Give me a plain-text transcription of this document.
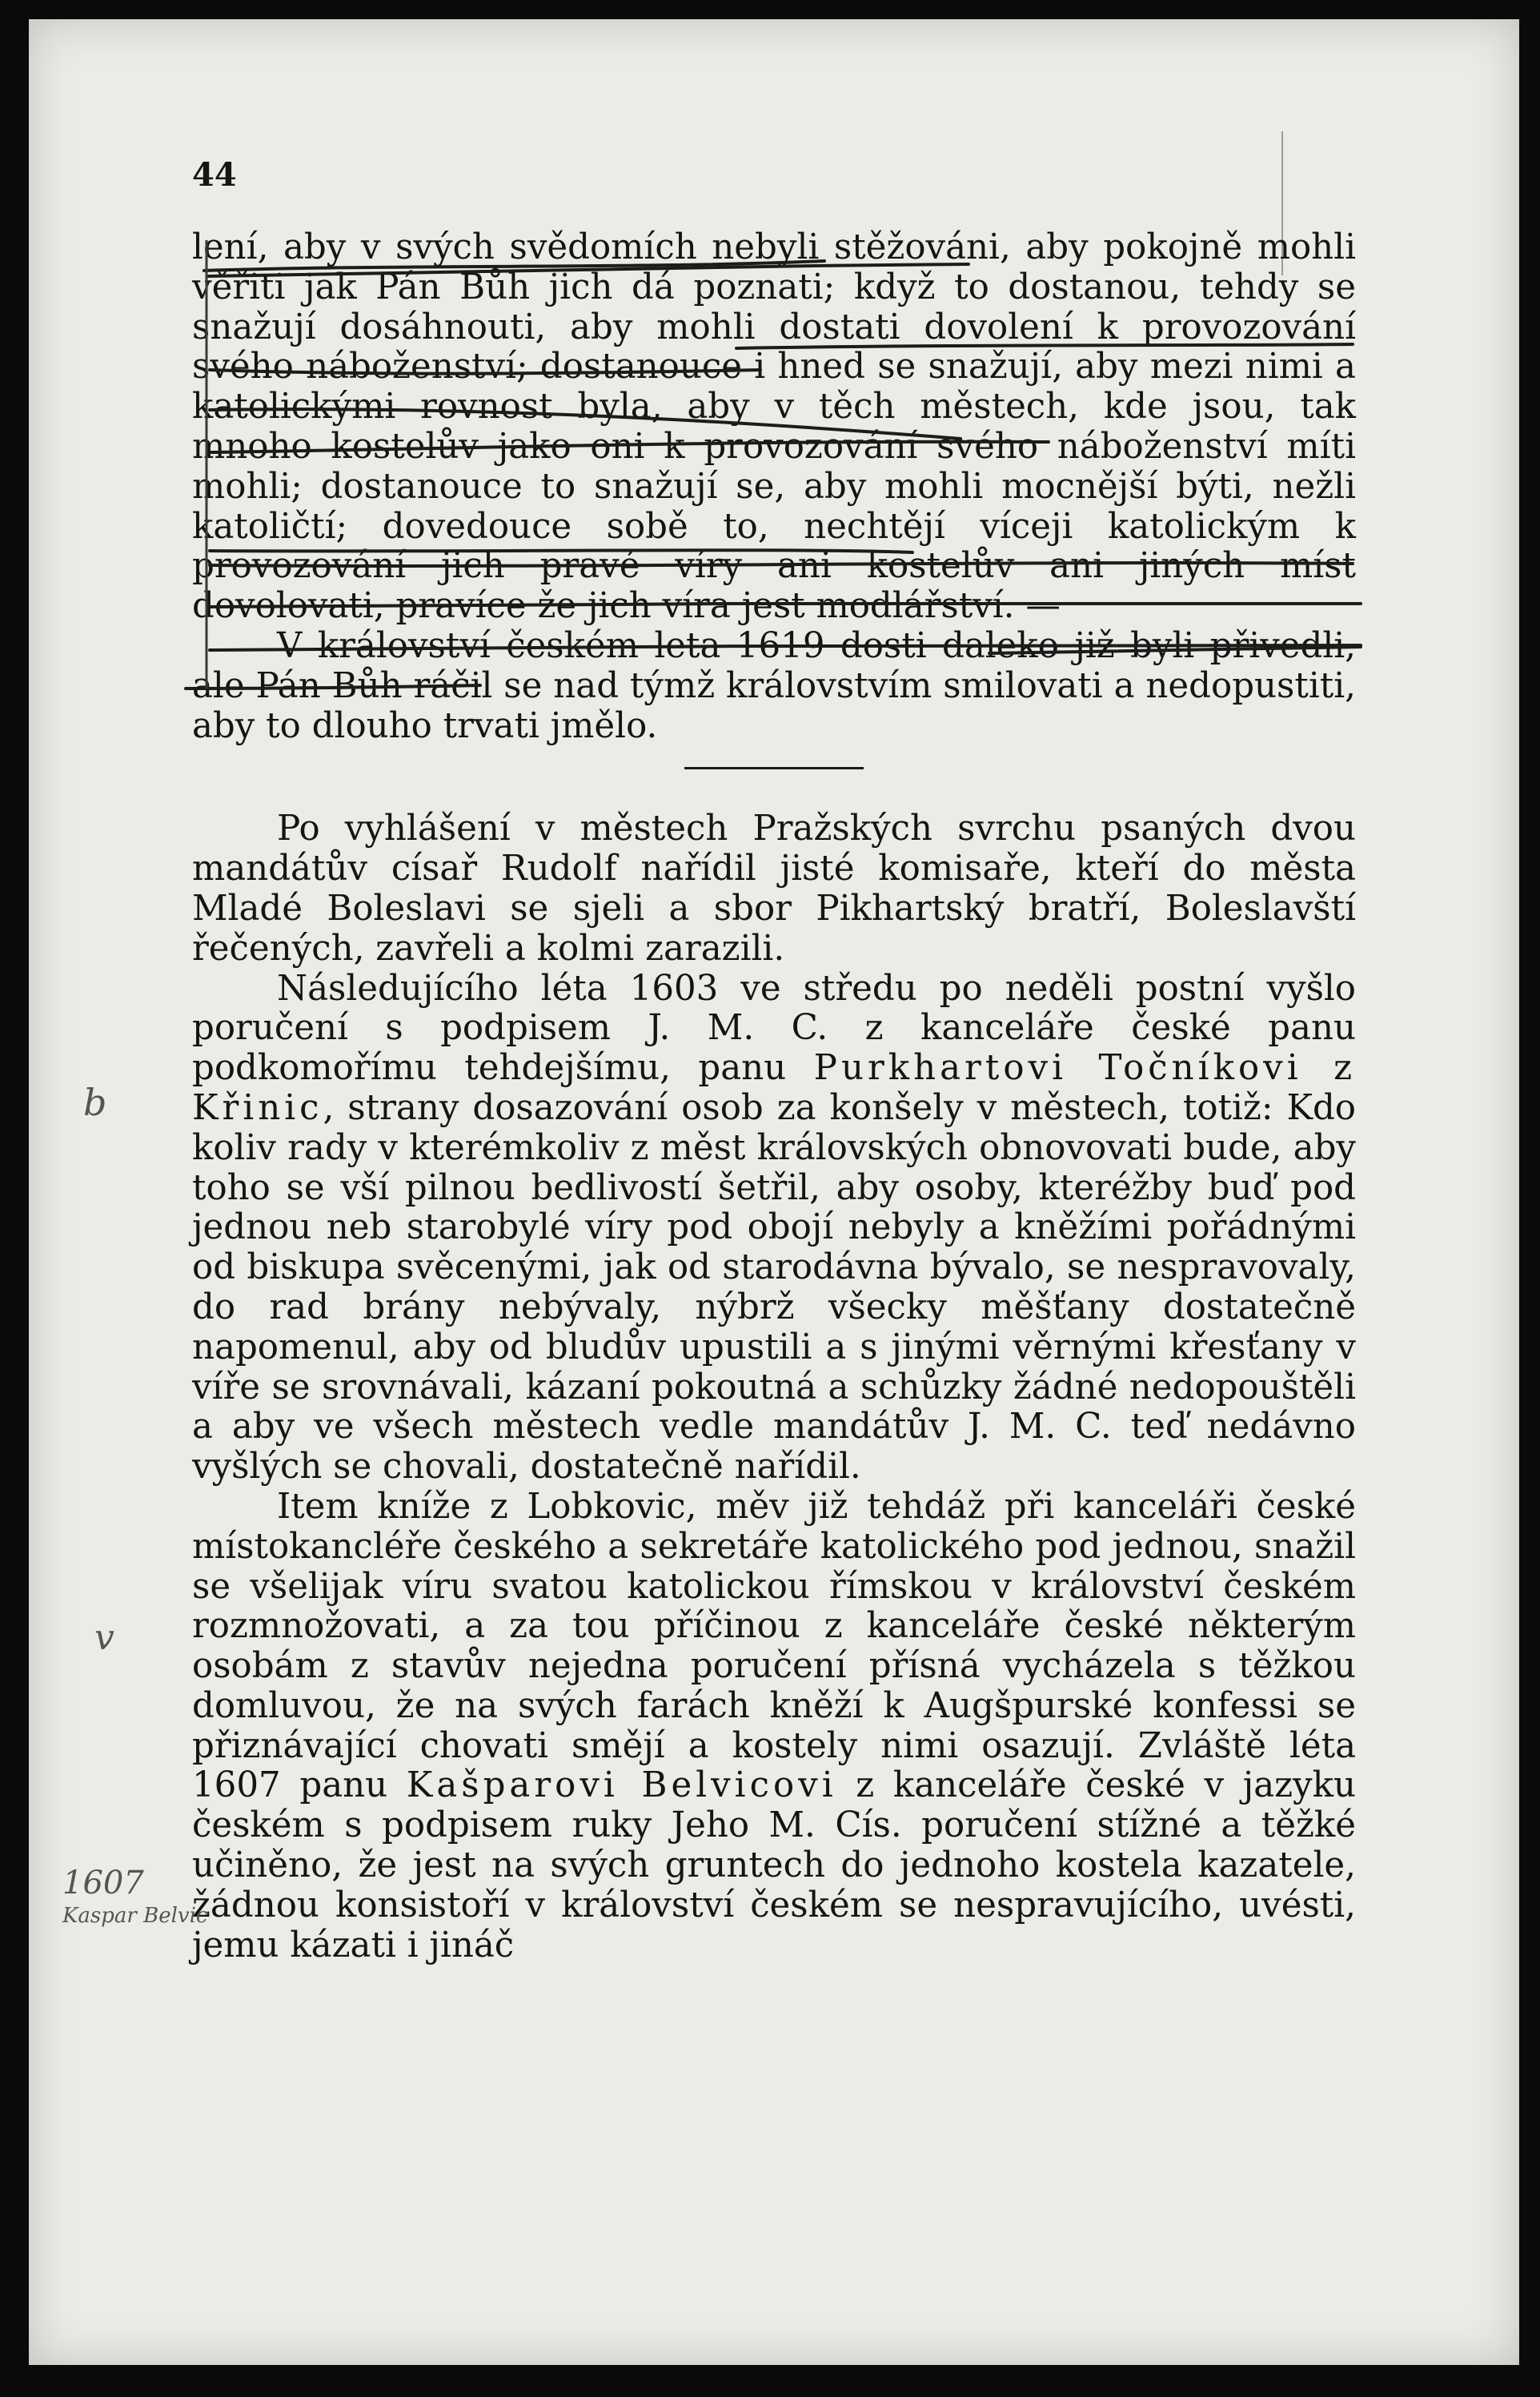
44

lení, aby v svých svědomích nebyli stěžováni, aby pokojně mohli věřiti jak Pán Bůh jich dá poznati; když to dostanou, tehdy se snažují dosáhnouti, aby mohli dostati dovolení k provozování svého náboženství; dostanouce i hned se snažují, aby mezi nimi a katolickými rovnost byla, aby v těch městech, kde jsou, tak mnoho kostelův jako oni k provozování svého náboženství míti mohli; dostanouce to snažují se, aby mohli mocnější býti, nežli katoličtí; dovedouce sobě to, nechtějí víceji katolickým k provozování jich pravé víry ani kostelův ani jiných míst dovolovati, pravíce že jich víra jest modlářství. —

V království českém leta 1619 dosti daleko již byli přivedli, ale Pán Bůh ráčil se nad týmž královstvím smilovati a nedopustiti, aby to dlouho trvati jmělo.

Po vyhlášení v městech Pražských svrchu psaných dvou mandátův císař Rudolf nařídil jisté komisaře, kteří do města Mladé Boleslavi se sjeli a sbor Pikhartský bratří, Boleslavští řečených, zavřeli a kolmi zarazili.

Následujícího léta 1603 ve středu po neděli postní vyšlo poručení s podpisem J. M. C. z kanceláře české panu podkomořímu tehdejšímu, panu Purkhartovi Točníkovi z Křinic, strany dosazování osob za konšely v městech, totiž: Kdo koliv rady v kterémkoliv z měst královských obnovovati bude, aby toho se vší pilnou bedlivostí šetřil, aby osoby, kteréžby buď pod jednou neb starobylé víry pod obojí nebyly a kněžími pořádnými od biskupa svěcenými, jak od starodávna bývalo, se nespravovaly, do rad brány nebývaly, nýbrž všecky měšťany dostatečně napomenul, aby od bludův upustili a s jinými věrnými křesťany v víře se srovnávali, kázaní pokoutná a schůzky žádné nedopouštěli a aby ve všech městech vedle mandátův J. M. C. teď nedávno vyšlých se chovali, dostatečně nařídil.

Item kníže z Lobkovic, měv již tehdáž při kanceláři české místokancléře českého a sekretáře katolického pod jednou, snažil se všelijak víru svatou katolickou římskou v království českém rozmnožovati, a za tou příčinou z kanceláře české některým osobám z stavův nejedna poručení přísná vycházela s těžkou domluvou, že na svých farách kněží k Augšpurské konfessi se přiznávající chovati smějí a kostely nimi osazují. Zvláště léta 1607 panu Kašparovi Belvicovi z kanceláře české v jazyku českém s podpisem ruky Jeho M. Cís. poručení stížné a těžké učiněno, že jest na svých gruntech do jednoho kostela kazatele, žádnou konsistoří v království českém se nespravujícího, uvésti, jemu kázati i jináč

b
v
1607
Kaspar Belvic
